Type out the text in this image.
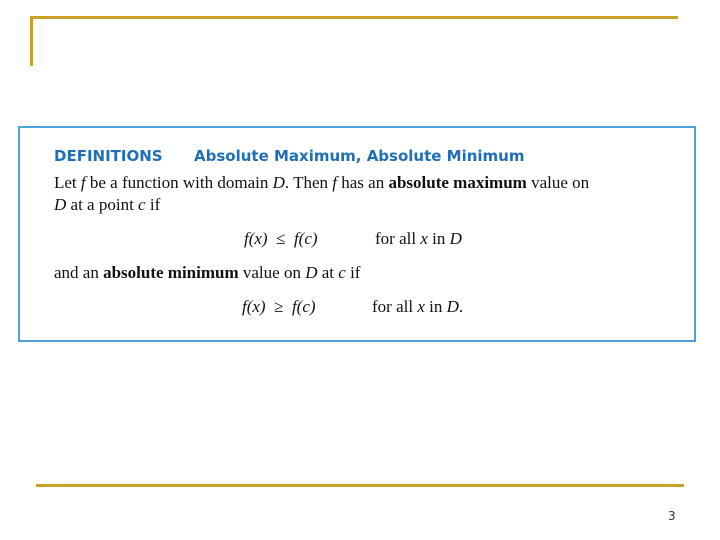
DEFINITIONS Absolute Maximum, Absolute Minimum
Let f be a function with domain D. Then f has an absolute maximum value on
D at a point c if
f(x) ≤ f(c)	for all x in D
and an absolute minimum value on D at c if
f(x) ≥ f(c)	for all x in D.
3
